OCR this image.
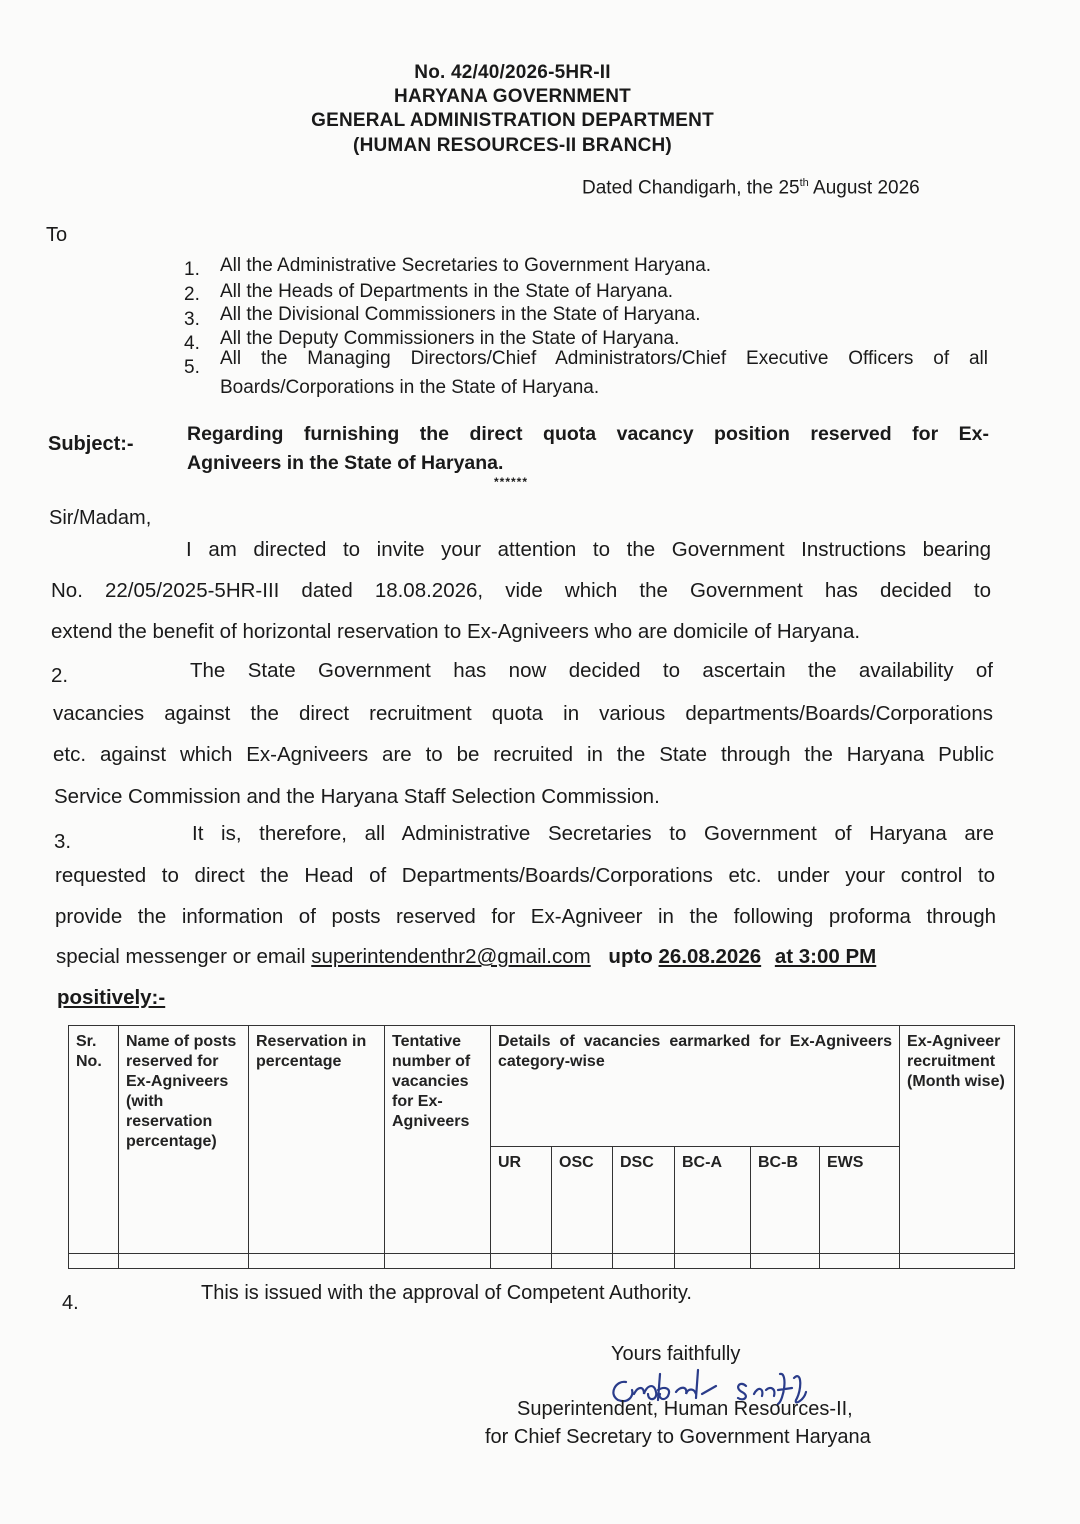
No. 42/40/2026-5HR-II
HARYANA GOVERNMENT
GENERAL ADMINISTRATION DEPARTMENT
(HUMAN RESOURCES-II BRANCH)
Dated Chandigarh, the 25th August 2026
To
1. All the Administrative Secretaries to Government Haryana.
2. All the Heads of Departments in the State of Haryana.
3. All the Divisional Commissioners in the State of Haryana.
4. All the Deputy Commissioners in the State of Haryana.
5. All the Managing Directors/Chief Administrators/Chief Executive Officers of all
Boards/Corporations in the State of Haryana.
Subject:-	Regarding furnishing the direct quota vacancy position reserved for Ex-
Agniveers in the State of Haryana.
******
Sir/Madam,
I am directed to invite your attention to the Government Instructions bearing
No. 22/05/2025-5HR-III dated 18.08.2026, vide which the Government has decided to
extend the benefit of horizontal reservation to Ex-Agniveers who are domicile of Haryana.
2.	The State Government has now decided to ascertain the availability of
vacancies against the direct recruitment quota in various departments/Boards/Corporations
etc. against which Ex-Agniveers are to be recruited in the State through the Haryana Public
Service Commission and the Haryana Staff Selection Commission.
3.	It is, therefore, all Administrative Secretaries to Government of Haryana are
requested to direct the Head of Departments/Boards/Corporations etc. under your control to
provide the information of posts reserved for Ex-Agniveer in the following proforma through
special messenger or email superintendenthr2@gmail.com upto 26.08.2026 at 3:00 PM
positively:-
Sr. No.	Name of posts reserved for Ex-Agniveers (with reservation percentage)	Reservation in percentage	Tentative number of vacancies for Ex-Agniveers	Details of vacancies earmarked for Ex-Agniveers category-wise						Ex-Agniveer recruitment (Month wise)
				UR	OSC	DSC	BC-A	BC-B	EWS	

4.	This is issued with the approval of Competent Authority.
Yours faithfully
Superintendent, Human Resources-II,
for Chief Secretary to Government Haryana
